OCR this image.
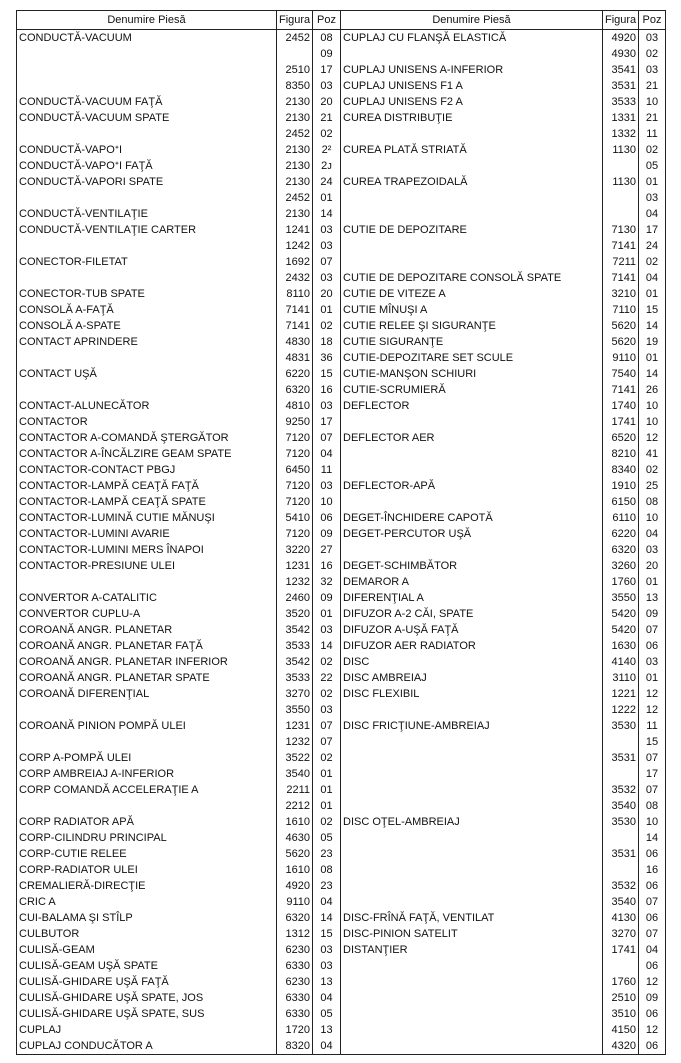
Denumire Piesă	Figura	Poz
CONDUCTĂ-VACUUM	2452	08
		09
	2510	17
	8350	03
CONDUCTĂ-VACUUM FAŢĂ	2130	20
CONDUCTĂ-VACUUM SPATE	2130	21
	2452	02
CONDUCTĂ-VAPOᐩI	2130	2²
CONDUCTĂ-VAPOᐩI FAŢĂ	2130	2ᴊ
CONDUCTĂ-VAPORI SPATE	2130	24
	2452	01
CONDUCTĂ-VENTILAŢIE	2130	14
CONDUCTĂ-VENTILAŢIE CARTER	1241	03
	1242	03
CONECTOR-FILETAT	1692	07
	2432	03
CONECTOR-TUB SPATE	8110	20
CONSOLĂ A-FAŢĂ	7141	01
CONSOLĂ A-SPATE	7141	02
CONTACT APRINDERE	4830	18
	4831	36
CONTACT UŞĂ	6220	15
	6320	16
CONTACT-ALUNECĂTOR	4810	03
CONTACTOR	9250	17
CONTACTOR A-COMANDĂ ŞTERGĂTOR	7120	07
CONTACTOR A-ÎNCĂLZIRE GEAM SPATE	7120	04
CONTACTOR-CONTACT PBGJ	6450	11
CONTACTOR-LAMPĂ CEAŢĂ FAŢĂ	7120	03
CONTACTOR-LAMPĂ CEAŢĂ SPATE	7120	10
CONTACTOR-LUMINĂ CUTIE MĂNUŞI	5410	06
CONTACTOR-LUMINI AVARIE	7120	09
CONTACTOR-LUMINI MERS ÎNAPOI	3220	27
CONTACTOR-PRESIUNE ULEI	1231	16
	1232	32
CONVERTOR A-CATALITIC	2460	09
CONVERTOR CUPLU-A	3520	01
COROANĂ ANGR. PLANETAR	3542	03
COROANĂ ANGR. PLANETAR FAŢĂ	3533	14
COROANĂ ANGR. PLANETAR INFERIOR	3542	02
COROANĂ ANGR. PLANETAR SPATE	3533	22
COROANĂ DIFERENŢIAL	3270	02
	3550	03
COROANĂ PINION POMPĂ ULEI	1231	07
	1232	07
CORP A-POMPĂ ULEI	3522	02
CORP AMBREIAJ A-INFERIOR	3540	01
CORP COMANDĂ ACCELERAŢIE A	2211	01
	2212	01
CORP RADIATOR APĂ	1610	02
CORP-CILINDRU PRINCIPAL	4630	05
CORP-CUTIE RELEE	5620	23
CORP-RADIATOR ULEI	1610	08
CREMALIERĂ-DIRECŢIE	4920	23
CRIC A	9110	04
CUI-BALAMA ŞI STÎLP	6320	14
CULBUTOR	1312	15
CULISĂ-GEAM	6230	03
CULISĂ-GEAM UŞĂ SPATE	6330	03
CULISĂ-GHIDARE UŞĂ FAŢĂ	6230	13
CULISĂ-GHIDARE UŞĂ SPATE, JOS	6330	04
CULISĂ-GHIDARE UŞĂ SPATE, SUS	6330	05
CUPLAJ	1720	13
CUPLAJ CONDUCĂTOR A	8320	04
Denumire Piesă	Figura	Poz
CUPLAJ CU FLANŞĂ ELASTICĂ	4920	03
	4930	02
CUPLAJ UNISENS A-INFERIOR	3541	03
CUPLAJ UNISENS F1 A	3531	21
CUPLAJ UNISENS F2 A	3533	10
CUREA DISTRIBUŢIE	1331	21
	1332	11
CUREA PLATĂ STRIATĂ	1130	02
		05
CUREA TRAPEZOIDALĂ	1130	01
		03
		04
CUTIE DE DEPOZITARE	7130	17
	7141	24
	7211	02
CUTIE DE DEPOZITARE CONSOLĂ SPATE	7141	04
CUTIE DE VITEZE A	3210	01
CUTIE MÎNUŞI A	7110	15
CUTIE RELEE ŞI SIGURANŢE	5620	14
CUTIE SIGURANŢE	5620	19
CUTIE-DEPOZITARE SET SCULE	9110	01
CUTIE-MANŞON SCHIURI	7540	14
CUTIE-SCRUMIERĂ	7141	26
DEFLECTOR	1740	10
	1741	10
DEFLECTOR AER	6520	12
	8210	41
	8340	02
DEFLECTOR-APĂ	1910	25
	6150	08
DEGET-ÎNCHIDERE CAPOTĂ	6110	10
DEGET-PERCUTOR UŞĂ	6220	04
	6320	03
DEGET-SCHIMBĂTOR	3260	20
DEMAROR A	1760	01
DIFERENŢIAL A	3550	13
DIFUZOR A-2 CĂI, SPATE	5420	09
DIFUZOR A-UŞĂ FAŢĂ	5420	07
DIFUZOR AER RADIATOR	1630	06
DISC	4140	03
DISC AMBREIAJ	3110	01
DISC FLEXIBIL	1221	12
	1222	12
DISC FRICŢIUNE-AMBREIAJ	3530	11
		15
	3531	07
		17
	3532	07
	3540	08
DISC OŢEL-AMBREIAJ	3530	10
		14
	3531	06
		16
	3532	06
	3540	07
DISC-FRÎNĂ FAŢĂ, VENTILAT	4130	06
DISC-PINION SATELIT	3270	07
DISTANŢIER	1741	04
		06
	1760	12
	2510	09
	3510	06
	4150	12
	4320	06
